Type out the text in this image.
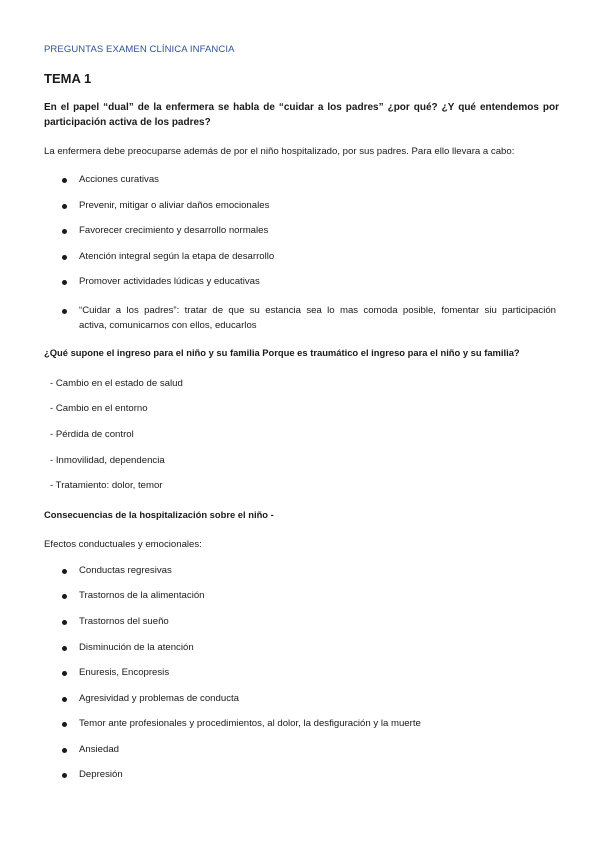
PREGUNTAS EXAMEN CLÍNICA INFANCIA
TEMA 1
En el papel “dual” de la enfermera se habla de “cuidar a los padres” ¿por qué? ¿Y qué entendemos por
participación activa de los padres?
La enfermera debe preocuparse además de por el niño hospitalizado, por sus padres. Para ello llevara a cabo:
Acciones curativas
Prevenir, mitigar o aliviar daños emocionales
Favorecer crecimiento y desarrollo normales
Atención integral según la etapa de desarrollo
Promover actividades lúdicas y educativas
“Cuidar a los padres”: tratar de que su estancia sea lo mas comoda posible, fomentar siu participación
activa, comunicarnos con ellos, educarlos
¿Qué supone el ingreso para el niño y su familia Porque es traumático el ingreso para el niño y su familia?
- Cambio en el estado de salud
- Cambio en el entorno
- Pérdida de control
- Inmovilidad, dependencia
- Tratamiento: dolor, temor
Consecuencias de la hospitalización sobre el niño -
Efectos conductuales y emocionales:
Conductas regresivas
Trastornos de la alimentación
Trastornos del sueño
Disminución de la atención
Enuresis, Encopresis
Agresividad y problemas de conducta
Temor ante profesionales y procedimientos, al dolor, la desfiguración y la muerte
Ansiedad
Depresión
